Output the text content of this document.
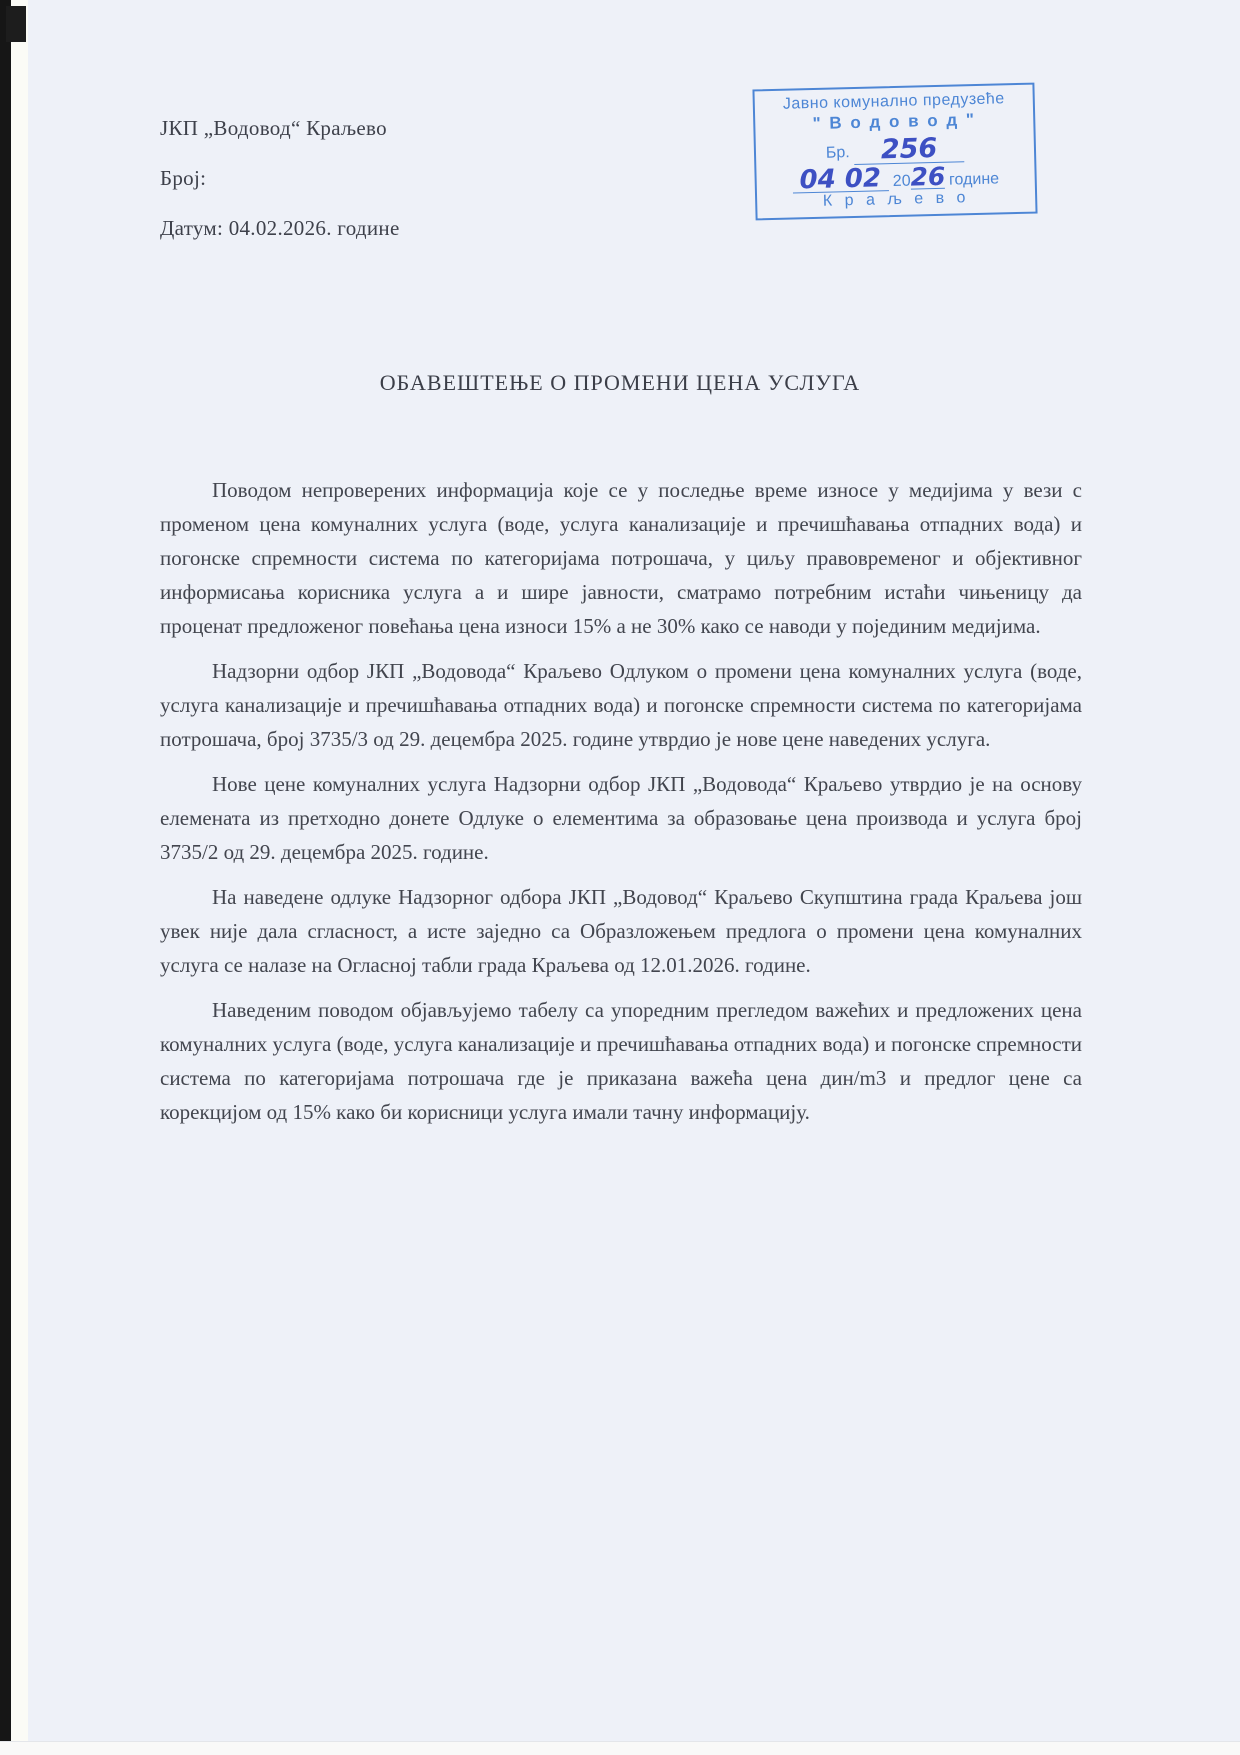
ЈКП „Водовод“ Краљево
Број:
Датум: 04.02.2026. године
Јавно комунално предузеће
" В о д о в о д "
Бр. 256
04 02 2026 године
К р а љ е в о
ОБАВЕШТЕЊЕ О ПРОМЕНИ ЦЕНА УСЛУГА

Поводом непроверених информација које се у последње време износе у медијима у вези с променом цена комуналних услуга (воде, услуга канализације и пречишћавања отпадних вода) и погонске спремности система по категоријама потрошача, у циљу правовременог и објективног информисања корисника услуга а и шире јавности, сматрамо потребним истаћи чињеницу да проценат предложеног повећања цена износи 15% а не 30% како се наводи у појединим медијима.

Надзорни одбор ЈКП „Водовода“ Краљево Одлуком о промени цена комуналних услуга (воде, услуга канализације и пречишћавања отпадних вода) и погонске спремности система по категоријама потрошача, број 3735/3 од 29. децембра 2025. године утврдио је нове цене наведених услуга.

Нове цене комуналних услуга Надзорни одбор ЈКП „Водовода“ Краљево утврдио је на основу елемената из претходно донете Одлуке о елементима за образовање цена производа и услуга број 3735/2 од 29. децембра 2025. године.

На наведене одлуке Надзорног одбора ЈКП „Водовод“ Краљево Скупштина града Краљева још увек није дала сгласност, а исте заједно са Образложењем предлога о промени цена комуналних услуга се налазе на Огласној табли града Краљева од 12.01.2026. године.

Наведеним поводом објављујемо табелу са упоредним прегледом важећих и предложених цена комуналних услуга (воде, услуга канализације и пречишћавања отпадних вода) и погонске спремности система по категоријама потрошача где је приказана важећа цена дин/m3 и предлог цене са корекцијом од 15% како би корисници услуга имали тачну информацију.
